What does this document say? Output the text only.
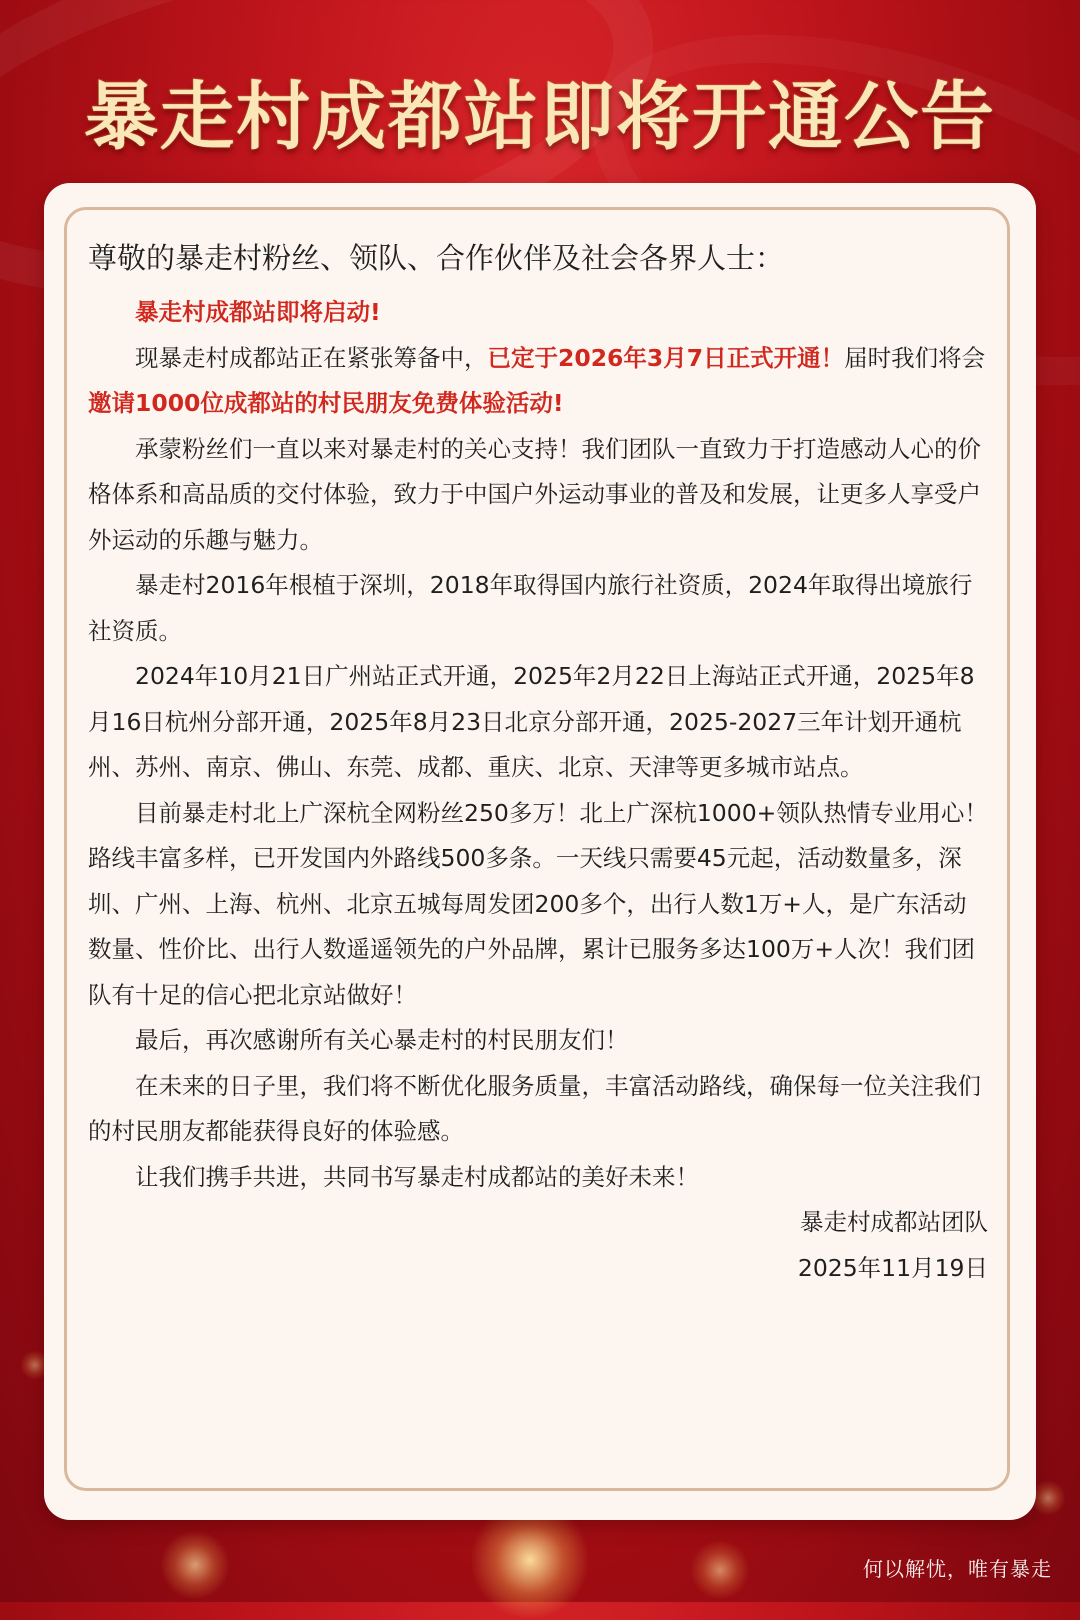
暴走村成都站即将开通公告

尊敬的暴走村粉丝、领队、合作伙伴及社会各界人士：

暴走村成都站即将启动!

现暴走村成都站正在紧张筹备中，已定于2026年3月7日正式开通！届时我们将会邀请1000位成都站的村民朋友免费体验活动!

承蒙粉丝们一直以来对暴走村的关心支持！我们团队一直致力于打造感动人心的价格体系和高品质的交付体验，致力于中国户外运动事业的普及和发展，让更多人享受户外运动的乐趣与魅力。

暴走村2016年根植于深圳，2018年取得国内旅行社资质，2024年取得出境旅行社资质。

2024年10月21日广州站正式开通，2025年2月22日上海站正式开通，2025年8月16日杭州分部开通，2025年8月23日北京分部开通，2025-2027三年计划开通杭州、苏州、南京、佛山、东莞、成都、重庆、北京、天津等更多城市站点。

目前暴走村北上广深杭全网粉丝250多万！北上广深杭1000+领队热情专业用心！路线丰富多样，已开发国内外路线500多条。一天线只需要45元起，活动数量多，深圳、广州、上海、杭州、北京五城每周发团200多个，出行人数1万+人，是广东活动数量、性价比、出行人数遥遥领先的户外品牌，累计已服务多达100万+人次！我们团队有十足的信心把北京站做好！

最后，再次感谢所有关心暴走村的村民朋友们！

在未来的日子里，我们将不断优化服务质量，丰富活动路线，确保每一位关注我们的村民朋友都能获得良好的体验感。

让我们携手共进，共同书写暴走村成都站的美好未来！

暴走村成都站团队

2025年11月19日

何以解忧，唯有暴走
